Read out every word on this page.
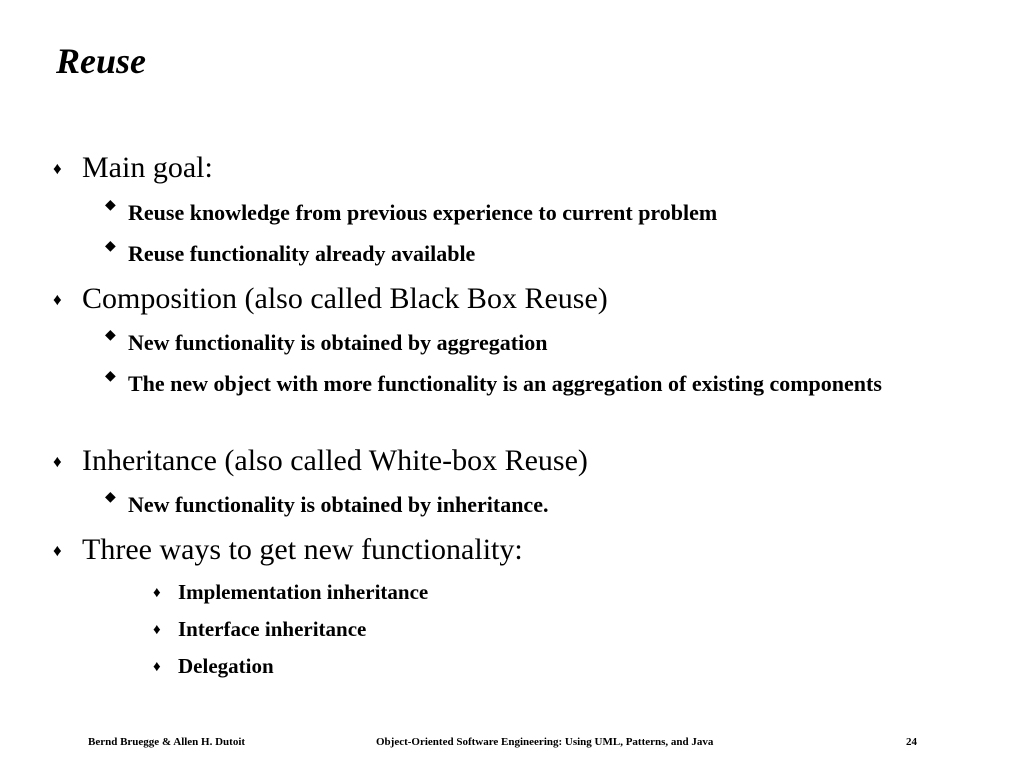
Reuse
♦ Main goal:
◆ Reuse knowledge from previous experience to current problem
◆ Reuse functionality already available
♦ Composition (also called Black Box Reuse)
◆ New functionality is obtained by aggregation
◆ The new object with more functionality is an aggregation of existing components
♦ Inheritance (also called White-box Reuse)
◆ New functionality is obtained by inheritance.
♦ Three ways to get new functionality:
♦ Implementation inheritance
♦ Interface inheritance
♦ Delegation
Bernd Bruegge & Allen H. Dutoit	Object-Oriented Software Engineering: Using UML, Patterns, and Java	24
